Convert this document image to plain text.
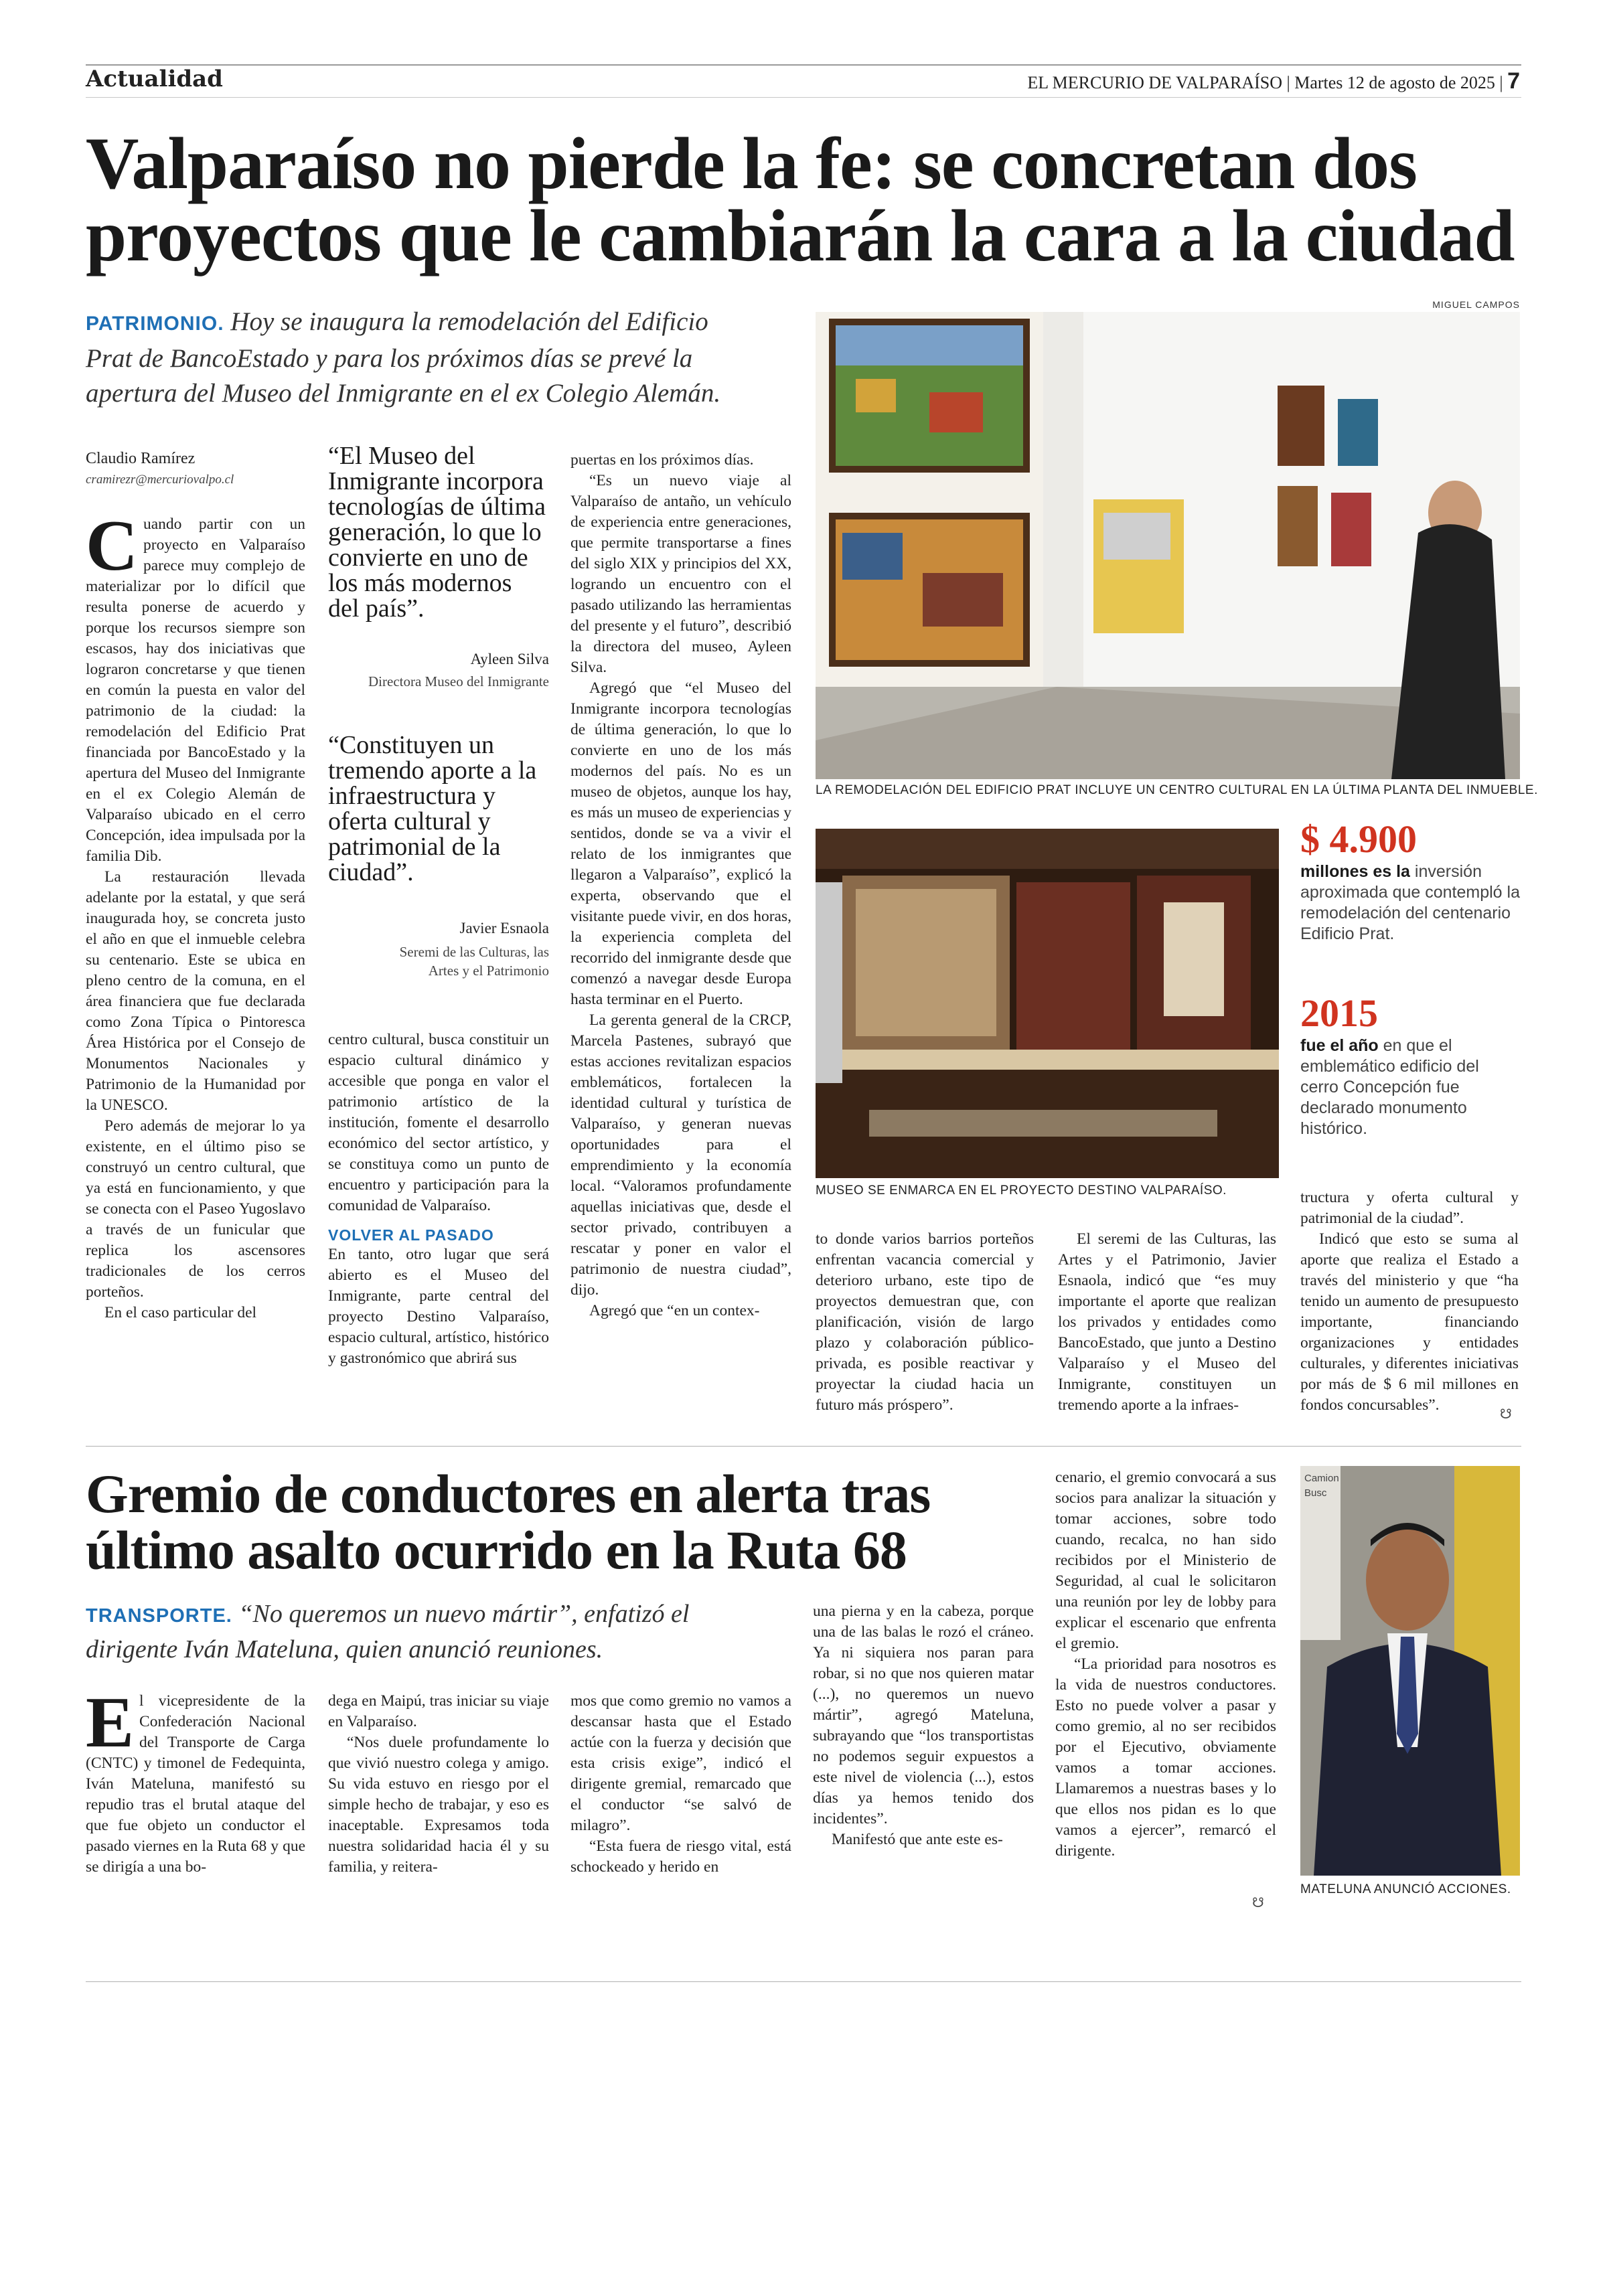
Actualidad	EL MERCURIO DE VALPARAÍSO | Martes 12 de agosto de 2025 | 7
Valparaíso no pierde la fe: se concretan dos
proyectos que le cambiarán la cara a la ciudad
PATRIMONIO. Hoy se inaugura la remodelación del Edificio
Prat de BancoEstado y para los próximos días se prevé la
apertura del Museo del Inmigrante en el ex Colegio Alemán.
Claudio Ramírez
cramirezr@mercuriovalpo.cl

Cuando partir con un proyecto en Valparaíso parece muy complejo de materializar por lo difícil que resulta ponerse de acuerdo y porque los recursos siempre son escasos, hay dos iniciativas que lograron concretarse y que tienen en común la puesta en valor del patrimonio de la ciudad: la remodelación del Edificio Prat financiada por BancoEstado y la apertura del Museo del Inmigrante en el ex Colegio Alemán de Valparaíso ubicado en el cerro Concepción, idea impulsada por la familia Dib.

La restauración llevada adelante por la estatal, y que será inaugurada hoy, se concreta justo el año en que el inmueble celebra su centenario. Este se ubica en pleno centro de la comuna, en el área financiera que fue declarada como Zona Típica o Pintoresca Área Histórica por el Consejo de Monumentos Nacionales y Patrimonio de la Humanidad por la UNESCO.

Pero además de mejorar lo ya existente, en el último piso se construyó un centro cultural, que ya está en funcionamiento, y que se conecta con el Paseo Yugoslavo a través de un funicular que replica los ascensores tradicionales de los cerros porteños.

En el caso particular del

“El Museo del Inmigrante incorpora tecnologías de última generación, lo que lo convierte en uno de los más modernos del país”.
Ayleen Silva
Directora Museo del Inmigrante
“Constituyen un tremendo aporte a la infraestructura y oferta cultural y patrimonial de la ciudad”.
Javier Esnaola
Seremi de las Culturas, las
Artes y el Patrimonio

centro cultural, busca constituir un espacio cultural dinámico y accesible que ponga en valor el patrimonio artístico de la institución, fomente el desarrollo económico del sector artístico, y se constituya como un punto de encuentro y participación para la comunidad de Valparaíso.

VOLVER AL PASADO

En tanto, otro lugar que será abierto es el Museo del Inmigrante, parte central del proyecto Destino Valparaíso, espacio cultural, artístico, histórico y gastronómico que abrirá sus

puertas en los próximos días.

“Es un nuevo viaje al Valparaíso de antaño, un vehículo de experiencia entre generaciones, que permite transportarse a fines del siglo XIX y principios del XX, logrando un encuentro con el pasado utilizando las herramientas del presente y el futuro”, describió la directora del museo, Ayleen Silva.

Agregó que “el Museo del Inmigrante incorpora tecnologías de última generación, lo que lo convierte en uno de los más modernos del país. No es un museo de objetos, aunque los hay, es más un museo de experiencias y sentidos, donde se va a vivir el relato de los inmigrantes que llegaron a Valparaíso”, explicó la experta, observando que el visitante puede vivir, en dos horas, la experiencia completa del recorrido del inmigrante desde que comenzó a navegar desde Europa hasta terminar en el Puerto.

La gerenta general de la CRCP, Marcela Pastenes, subrayó que estas acciones revitalizan espacios emblemáticos, fortalecen la identidad cultural y turística de Valparaíso, y generan nuevas oportunidades para el emprendimiento y la economía local. “Valoramos profundamente aquellas iniciativas que, desde el sector privado, contribuyen a rescatar y poner en valor el patrimonio de nuestra ciudad”, dijo.

Agregó que “en un contex-

MIGUEL CAMPOS
LA REMODELACIÓN DEL EDIFICIO PRAT INCLUYE UN CENTRO CULTURAL EN LA ÚLTIMA PLANTA DEL INMUEBLE.
MUSEO SE ENMARCA EN EL PROYECTO DESTINO VALPARAÍSO.
$ 4.900
millones es la inversión aproximada que contempló la remodelación del centenario Edificio Prat.
2015
fue el año en que el emblemático edificio del cerro Concepción fue declarado monumento histórico.

to donde varios barrios porteños enfrentan vacancia comercial y deterioro urbano, este tipo de proyectos demuestran que, con planificación, visión de largo plazo y colaboración público-privada, es posible reactivar y proyectar la ciudad hacia un futuro más próspero”.

El seremi de las Culturas, las Artes y el Patrimonio, Javier Esnaola, indicó que “es muy importante el aporte que realizan los privados y entidades como BancoEstado, que junto a Destino Valparaíso y el Museo del Inmigrante, constituyen un tremendo aporte a la infraes-

tructura y oferta cultural y patrimonial de la ciudad”.

Indicó que esto se suma al aporte que realiza el Estado a través del ministerio y que “ha tenido un aumento de presupuesto importante, financiando organizaciones y entidades culturales, y diferentes iniciativas por más de $ 6 mil millones en fondos concursables”.	☋
Gremio de conductores en alerta tras
último asalto ocurrido en la Ruta 68
TRANSPORTE. “No queremos un nuevo mártir”, enfatizó el
dirigente Iván Mateluna, quien anunció reuniones.

El vicepresidente de la Confederación Nacional del Transporte de Carga (CNTC) y timonel de Fedequinta, Iván Mateluna, manifestó su repudio tras el brutal ataque del que fue objeto un conductor el pasado viernes en la Ruta 68 y que se dirigía a una bo-

dega en Maipú, tras iniciar su viaje en Valparaíso.

“Nos duele profundamente lo que vivió nuestro colega y amigo. Su vida estuvo en riesgo por el simple hecho de trabajar, y eso es inaceptable. Expresamos toda nuestra solidaridad hacia él y su familia, y reitera-

mos que como gremio no vamos a descansar hasta que el Estado actúe con la fuerza y decisión que esta crisis exige”, indicó el dirigente gremial, remarcado que el conductor “se salvó de milagro”.

“Esta fuera de riesgo vital, está schockeado y herido en

una pierna y en la cabeza, porque una de las balas le rozó el cráneo. Ya ni siquiera nos paran para robar, si no que nos quieren matar (...), no queremos un nuevo mártir”, agregó Mateluna, subrayando que “los transportistas no podemos seguir expuestos a este nivel de violencia (...), estos días ya hemos tenido dos incidentes”.

Manifestó que ante este es-

cenario, el gremio convocará a sus socios para analizar la situación y tomar acciones, sobre todo cuando, recalca, no han sido recibidos por el Ministerio de Seguridad, al cual le solicitaron una reunión por ley de lobby para explicar el escenario que enfrenta el gremio.

“La prioridad para nosotros es la vida de nuestros conductores. Esto no puede volver a pasar y como gremio, al no ser recibidos por el Ejecutivo, obviamente vamos a tomar acciones. Llamaremos a nuestras bases y lo que ellos nos pidan es lo que vamos a ejercer”, remarcó el dirigente.

☋
Camion Busc
MATELUNA ANUNCIÓ ACCIONES.
